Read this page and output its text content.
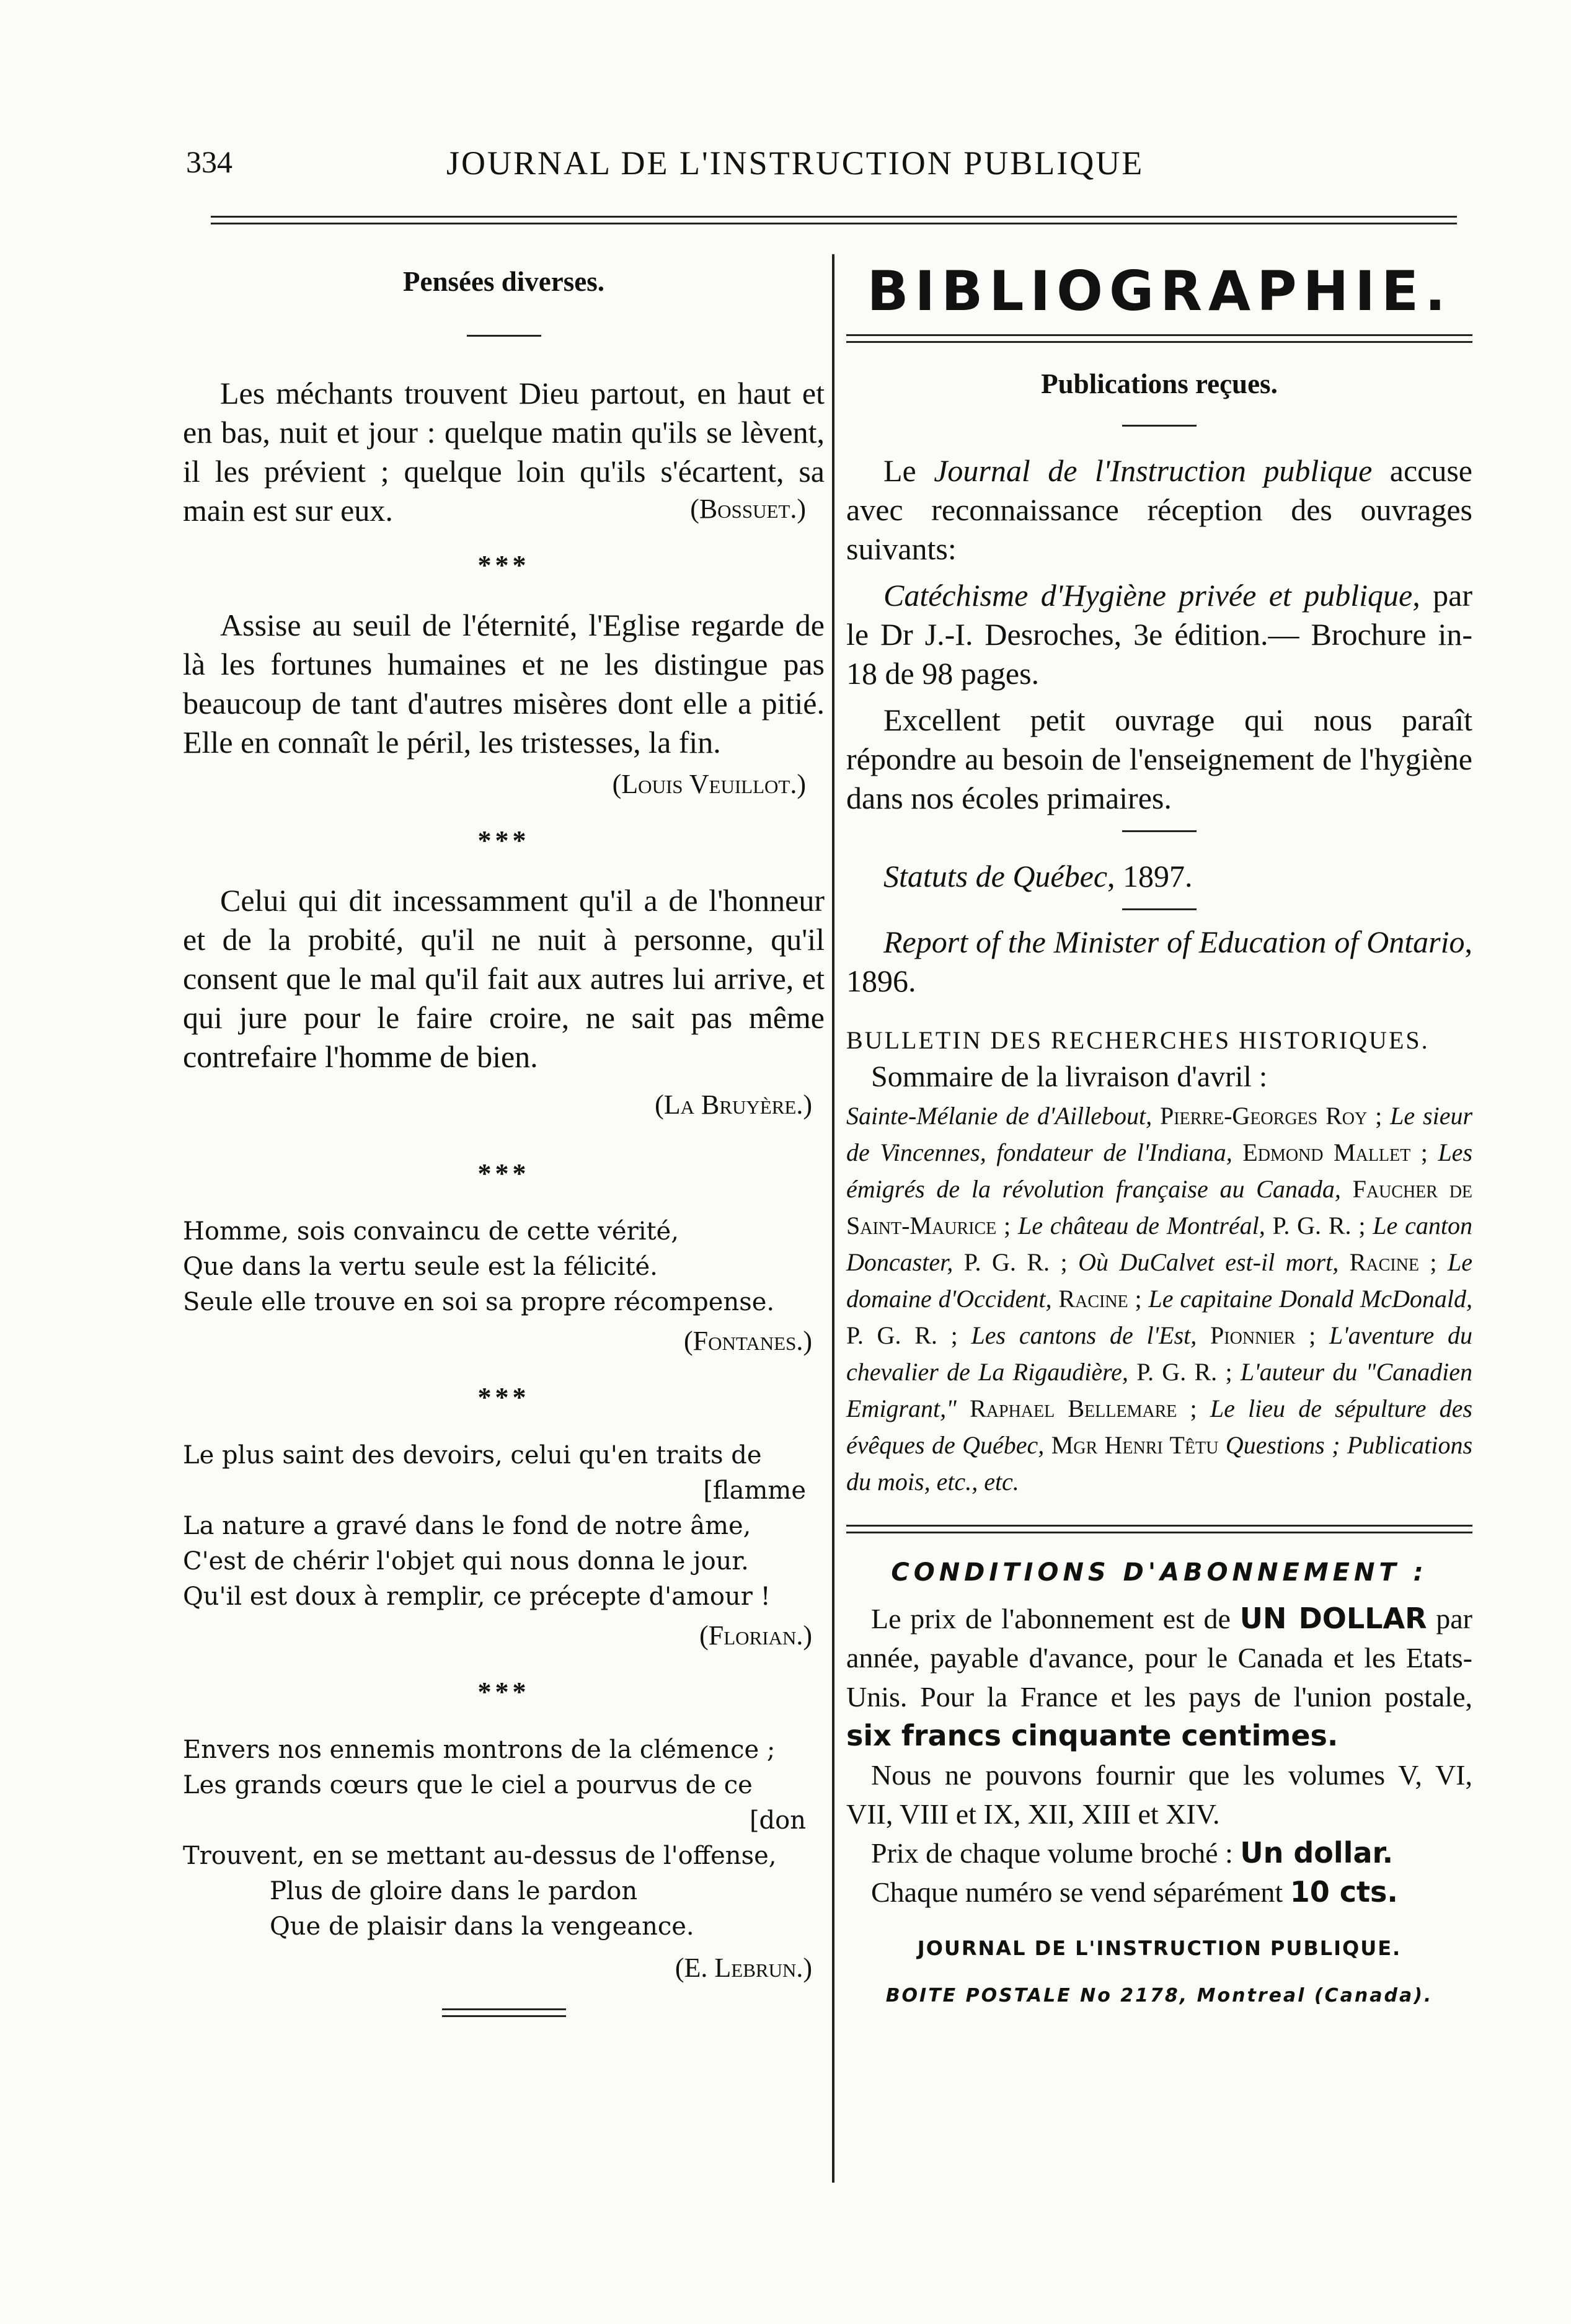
334	JOURNAL DE L'INSTRUCTION PUBLIQUE
Pensées diverses.
Les méchants trouvent Dieu partout, en haut et en bas, nuit et jour : quelque matin qu'ils se lèvent, il les prévient ; quelque loin qu'ils s'écartent, sa main est sur eux.	(Bossuet.)
***
Assise au seuil de l'éternité, l'Eglise regarde de là les fortunes humaines et ne les distingue pas beaucoup de tant d'autres misères dont elle a pitié. Elle en connaît le péril, les tristesses, la fin.
(Louis Veuillot.)
***
Celui qui dit incessamment qu'il a de l'honneur et de la probité, qu'il ne nuit à personne, qu'il consent que le mal qu'il fait aux autres lui arrive, et qui jure pour le faire croire, ne sait pas même contrefaire l'homme de bien.
(La Bruyère.)
***
Homme, sois convaincu de cette vérité,
Que dans la vertu seule est la félicité.
Seule elle trouve en soi sa propre récompense.
(Fontanes.)
***
Le plus saint des devoirs, celui qu'en traits de
[flamme
La nature a gravé dans le fond de notre âme,
C'est de chérir l'objet qui nous donna le jour.
Qu'il est doux à remplir, ce précepte d'amour !
(Florian.)
***
Envers nos ennemis montrons de la clémence ;
Les grands cœurs que le ciel a pourvus de ce
[don
Trouvent, en se mettant au-dessus de l'offense,
Plus de gloire dans le pardon
Que de plaisir dans la vengeance.
(E. Lebrun.)
BIBLIOGRAPHIE.
Publications reçues.
Le Journal de l'Instruction publique accuse avec reconnaissance réception des ouvrages suivants:
Catéchisme d'Hygiène privée et publique, par le Dr J.-I. Desroches, 3e édition.— Brochure in-18 de 98 pages.
Excellent petit ouvrage qui nous paraît répondre au besoin de l'enseignement de l'hygiène dans nos écoles primaires.
Statuts de Québec, 1897.
Report of the Minister of Education of Ontario, 1896.
BULLETIN DES RECHERCHES HISTORIQUES.
Sommaire de la livraison d'avril :
Sainte-Mélanie de d'Aillebout, Pierre-Georges Roy ; Le sieur de Vincennes, fondateur de l'Indiana, Edmond Mallet ; Les émigrés de la révolution française au Canada, Faucher de Saint-Maurice ; Le château de Montréal, P. G. R. ; Le canton Doncaster, P. G. R. ; Où DuCalvet est-il mort, Racine ; Le domaine d'Occident, Racine ; Le capitaine Donald McDonald, P. G. R. ; Les cantons de l'Est, Pionnier ; L'aventure du chevalier de La Rigaudière, P. G. R. ; L'auteur du "Canadien Emigrant," Raphael Bellemare ; Le lieu de sépulture des évêques de Québec, Mgr Henri Têtu Questions ; Publications du mois, etc., etc.
CONDITIONS D'ABONNEMENT :
Le prix de l'abonnement est de UN DOLLAR par année, payable d'avance, pour le Canada et les Etats-Unis. Pour la France et les pays de l'union postale, six francs cinquante centimes.
Nous ne pouvons fournir que les volumes V, VI, VII, VIII et IX, XII, XIII et XIV.
Prix de chaque volume broché : Un dollar.
Chaque numéro se vend séparément 10 cts.
JOURNAL DE L'INSTRUCTION PUBLIQUE.
BOITE POSTALE No 2178, Montreal (Canada).
